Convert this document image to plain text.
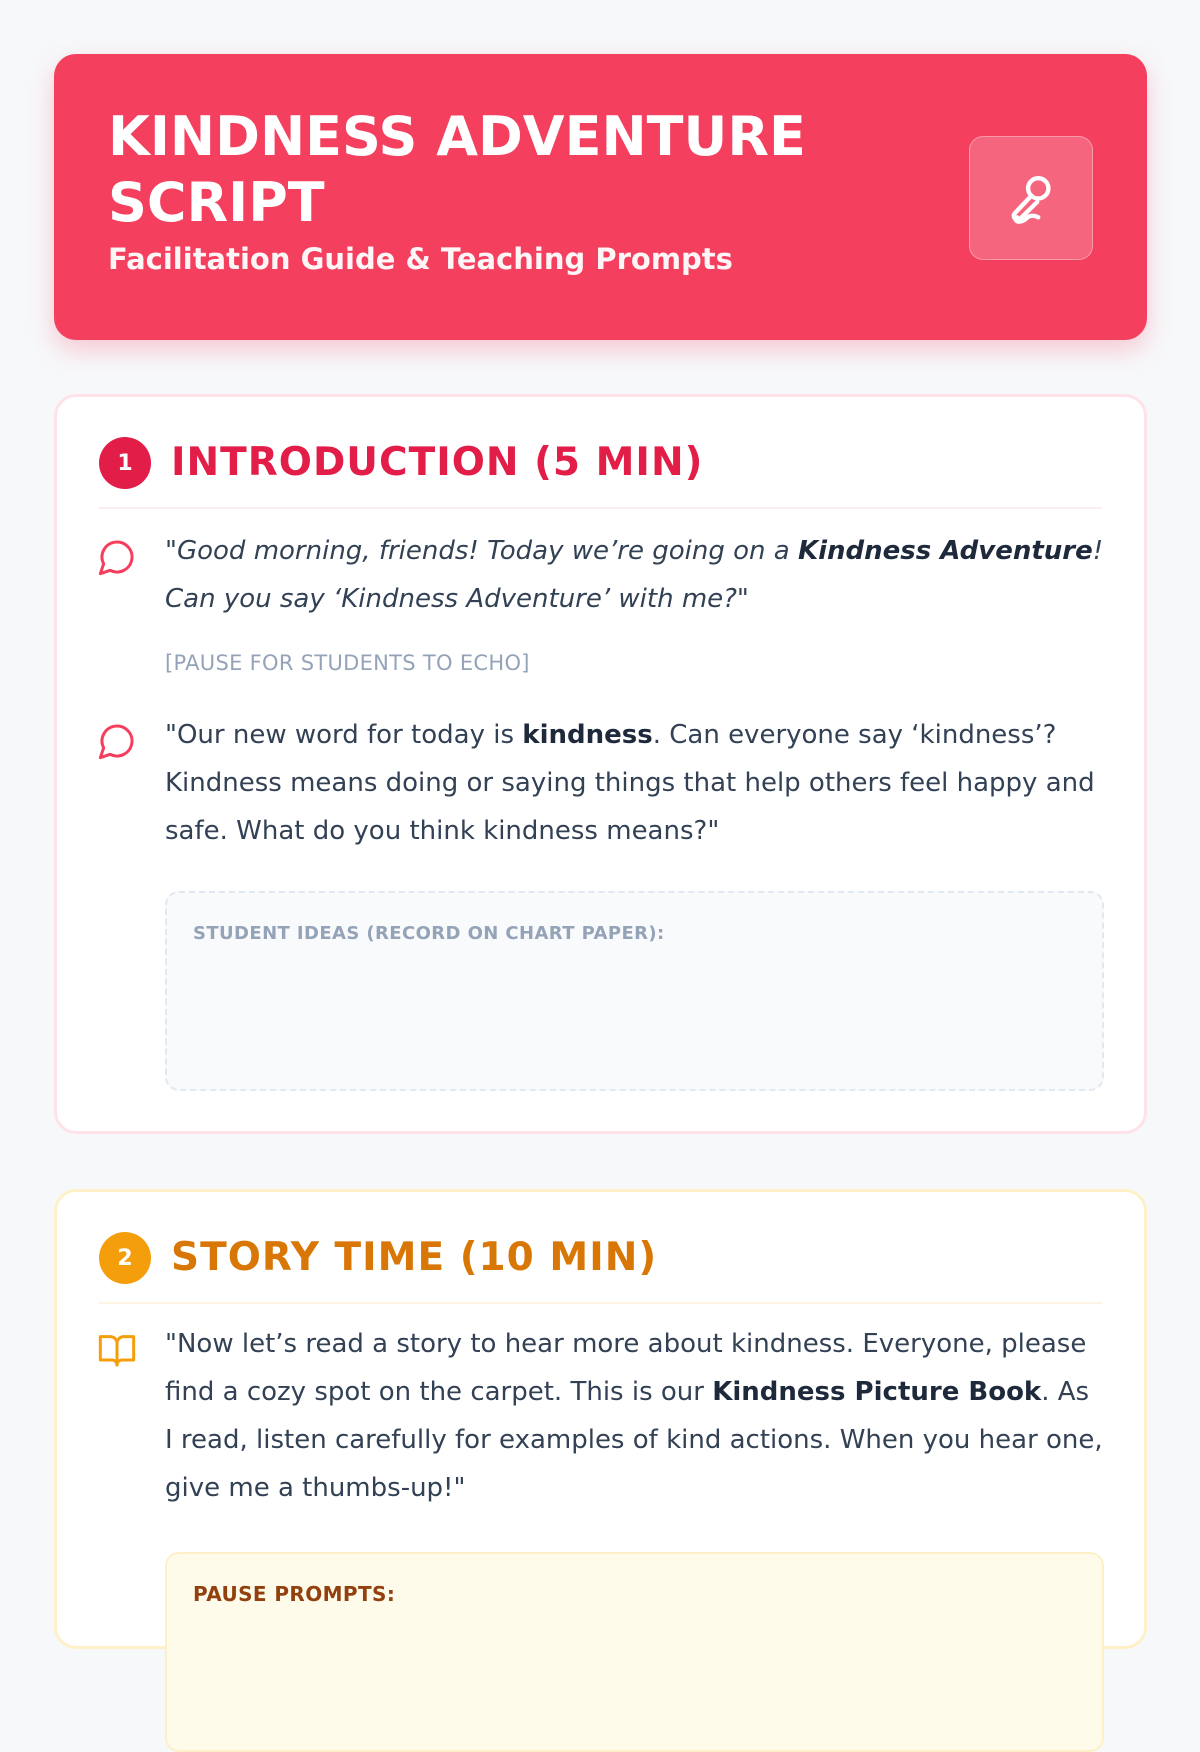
KINDNESS ADVENTURE SCRIPT

Facilitation Guide & Teaching Prompts

1 INTRODUCTION (5 MIN)

"Good morning, friends! Today we’re going on a Kindness Adventure! Can you say ‘Kindness Adventure’ with me?"

[PAUSE FOR STUDENTS TO ECHO]

"Our new word for today is kindness. Can everyone say ‘kindness’? Kindness means doing or saying things that help others feel happy and safe. What do you think kindness means?"

STUDENT IDEAS (RECORD ON CHART PAPER):

2 STORY TIME (10 MIN)

"Now let’s read a story to hear more about kindness. Everyone, please find a cozy spot on the carpet. This is our Kindness Picture Book. As I read, listen carefully for examples of kind actions. When you hear one, give me a thumbs-up!"

PAUSE PROMPTS:
